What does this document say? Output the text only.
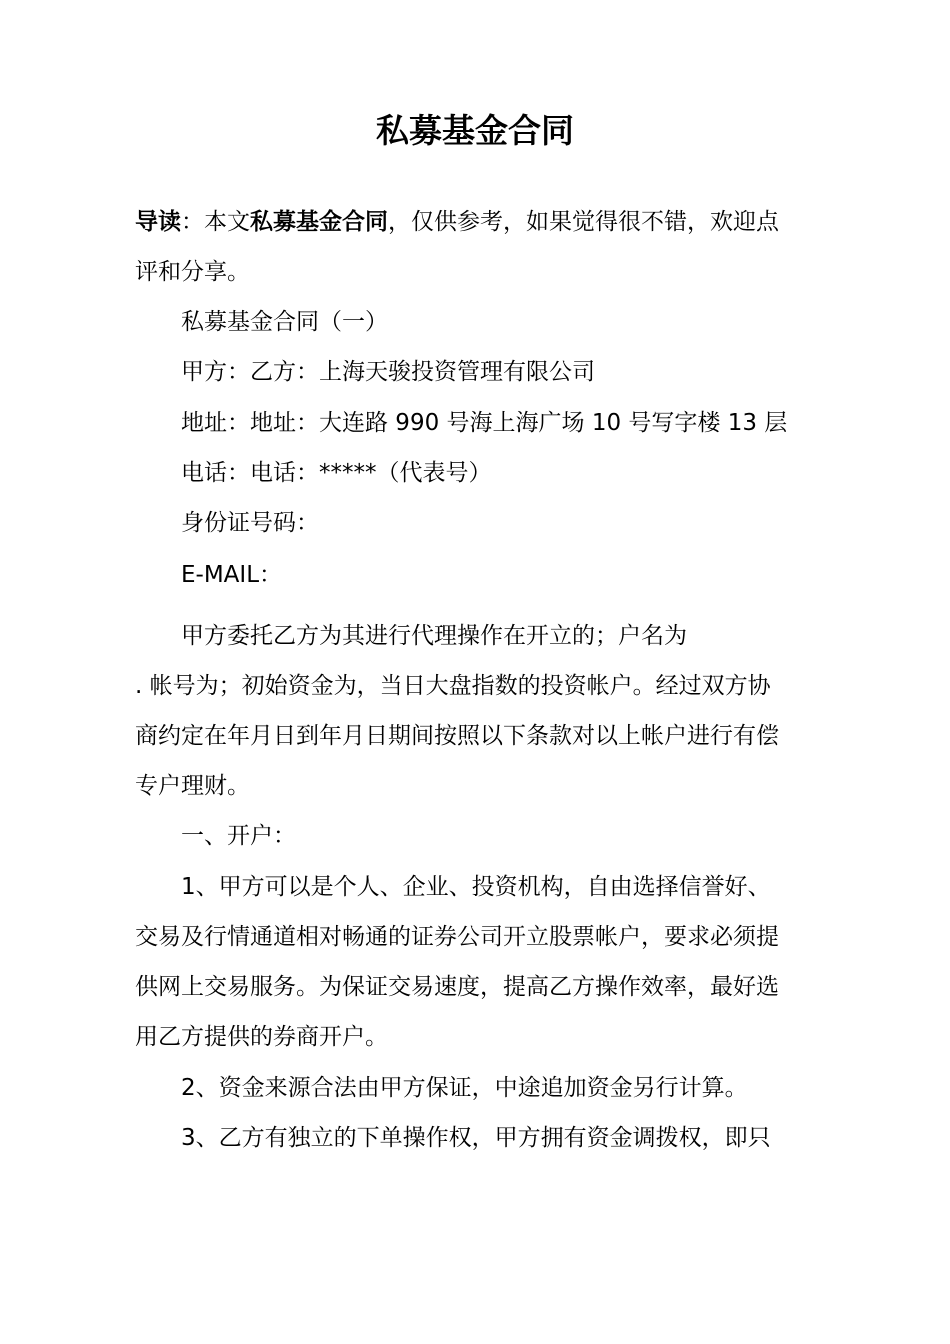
私募基金合同
导读：本文私募基金合同，仅供参考，如果觉得很不错，欢迎点
评和分享。
私募基金合同（一）
甲方：乙方：上海天骏投资管理有限公司
地址：地址：大连路 990 号海上海广场 10 号写字楼 13 层
电话：电话：*****（代表号）
身份证号码：
E-MAIL：
甲方委托乙方为其进行代理操作在开立的；户名为
. 帐号为；初始资金为，当日大盘指数的投资帐户。经过双方协
商约定在年月日到年月日期间按照以下条款对以上帐户进行有偿
专户理财。
一、开户：
1、甲方可以是个人、企业、投资机构，自由选择信誉好、
交易及行情通道相对畅通的证券公司开立股票帐户，要求必须提
供网上交易服务。为保证交易速度，提高乙方操作效率，最好选
用乙方提供的券商开户。
2、资金来源合法由甲方保证，中途追加资金另行计算。
3、乙方有独立的下单操作权，甲方拥有资金调拨权，即只
